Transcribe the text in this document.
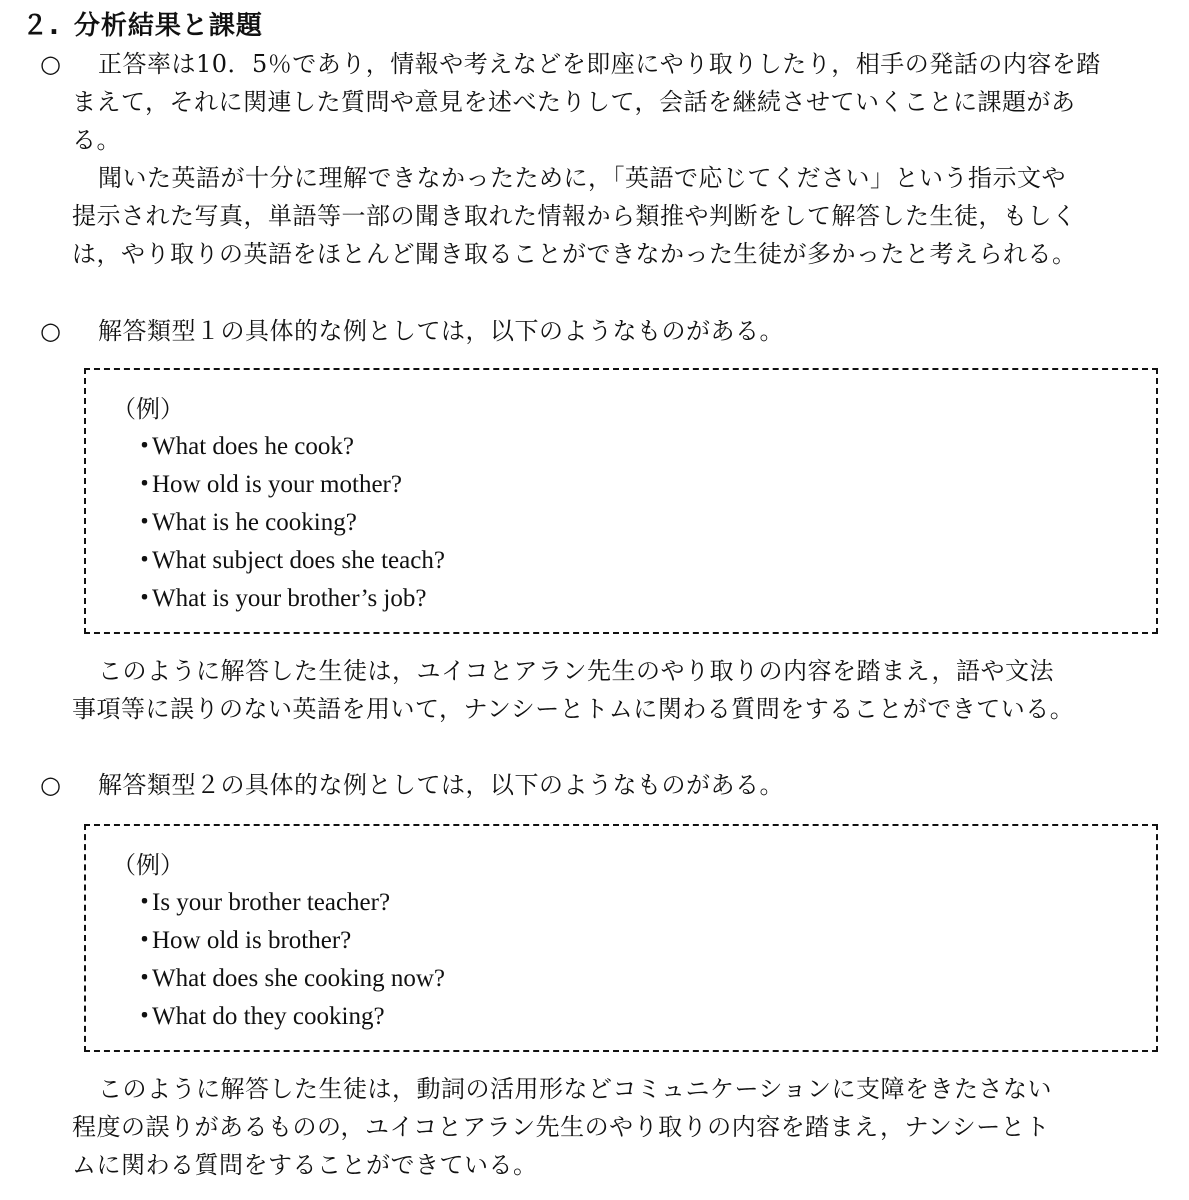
２. 分析結果と課題
○	正答率は10．5％であり，情報や考えなどを即座にやり取りしたり，相手の発話の内容を踏
まえて，それに関連した質問や意見を述べたりして，会話を継続させていくことに課題があ
る。
聞いた英語が十分に理解できなかったために，「英語で応じてください」という指示文や
提示された写真，単語等一部の聞き取れた情報から類推や判断をして解答した生徒，もしく
は，やり取りの英語をほとんど聞き取ることができなかった生徒が多かったと考えられる。
○	解答類型１の具体的な例としては，以下のようなものがある。
（例）
・What does he cook?
・How old is your mother?
・What is he cooking?
・What subject does she teach?
・What is your brother’s job?
このように解答した生徒は，ユイコとアラン先生のやり取りの内容を踏まえ，語や文法
事項等に誤りのない英語を用いて，ナンシーとトムに関わる質問をすることができている。
○	解答類型２の具体的な例としては，以下のようなものがある。
（例）
・Is your brother teacher?
・How old is brother?
・What does she cooking now?
・What do they cooking?
このように解答した生徒は，動詞の活用形などコミュニケーションに支障をきたさない
程度の誤りがあるものの，ユイコとアラン先生のやり取りの内容を踏まえ，ナンシーとト
ムに関わる質問をすることができている。
